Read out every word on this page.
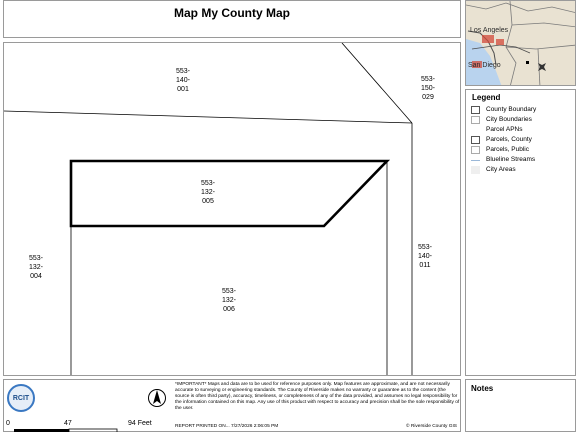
Map My County Map
553-
140-
001
553-
150-
029
553-
132-
005
553-
132-
004
553-
140-
011
553-
132-
006
Los Angeles
San Diego
Legend
County Boundary
City Boundaries
Parcel APNs
Parcels, County
Parcels, Public
Blueline Streams
City Areas
RCIT
*IMPORTANT* Maps and data are to be used for reference purposes only. Map features are approximate, and are not necessarily accurate to surveying or engineering standards. The County of Riverside makes no warranty or guarantee as to the content (the source is often third party), accuracy, timeliness, or completeness of any of the data provided, and assumes no legal responsibility for the information contained on this map. Any use of this product with respect to accuracy and precision shall be the sole responsibility of the user.
0	47	94 Feet	REPORT PRINTED ON... 7/27/2026 2:06:05 PM	© Riverside County GIS
Notes
